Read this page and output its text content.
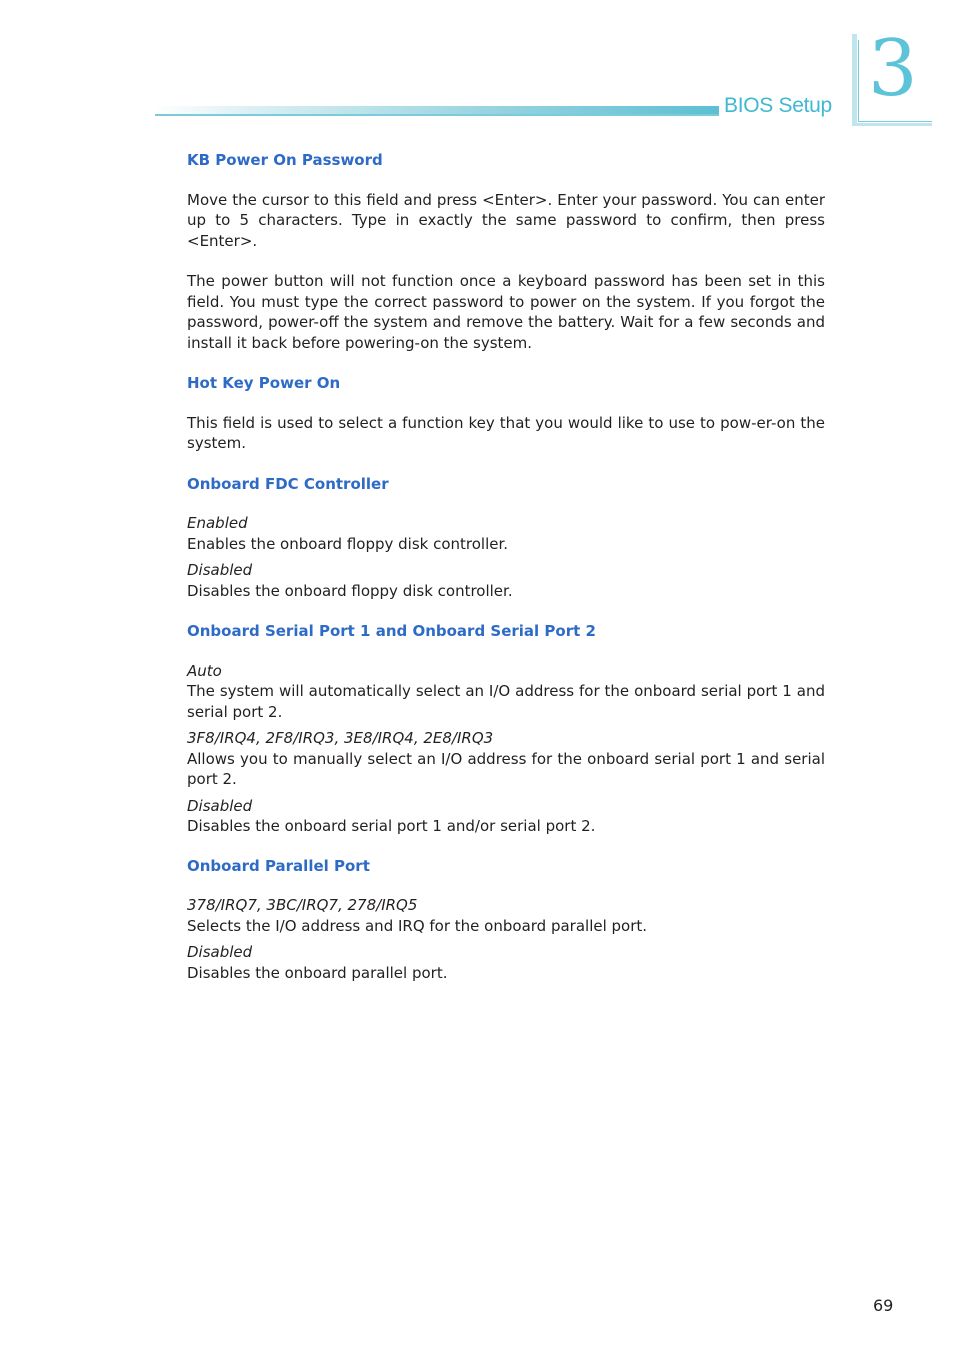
BIOS Setup 3
KB Power On Password

Move the cursor to this field and press <Enter>. Enter your password. You can enter up to 5 characters. Type in exactly the same password to confirm, then press <Enter>.

The power button will not function once a keyboard password has been set in this field. You must type the correct password to power on the system. If you forgot the password, power-off the system and remove the battery. Wait for a few seconds and install it back before powering-on the system.

Hot Key Power On

This field is used to select a function key that you would like to use to pow-er-on the system.

Onboard FDC Controller

Enabled

Enables the onboard floppy disk controller.

Disabled

Disables the onboard floppy disk controller.

Onboard Serial Port 1 and Onboard Serial Port 2

Auto

The system will automatically select an I/O address for the onboard serial port 1 and serial port 2.

3F8/IRQ4, 2F8/IRQ3, 3E8/IRQ4, 2E8/IRQ3

Allows you to manually select an I/O address for the onboard serial port 1 and serial port 2.

Disabled

Disables the onboard serial port 1 and/or serial port 2.

Onboard Parallel Port

378/IRQ7, 3BC/IRQ7, 278/IRQ5

Selects the I/O address and IRQ for the onboard parallel port.

Disabled

Disables the onboard parallel port.

69
